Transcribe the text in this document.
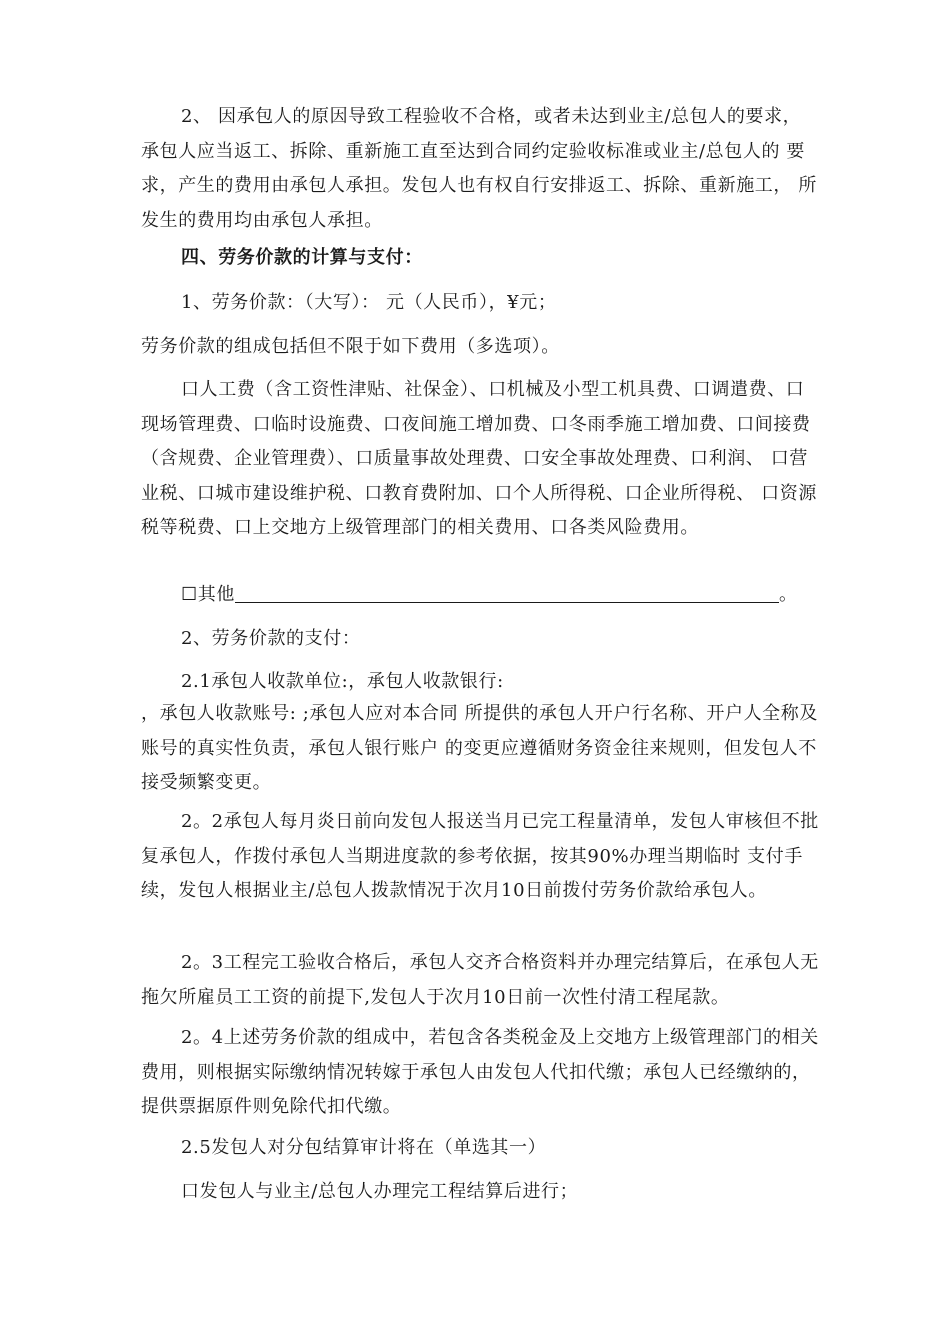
2、 因承包人的原因导致工程验收不合格，或者未达到业主/总包人的要求， 承包人应当返工、拆除、重新施工直至达到合同约定验收标准或业主/总包人的 要求，产生的费用由承包人承担。发包人也有权自行安排返工、拆除、重新施工， 所发生的费用均由承包人承担。

四、劳务价款的计算与支付：

1、劳务价款：（大写）： 元（人民币），¥元；

劳务价款的组成包括但不限于如下费用（多选项）。

口人工费（含工资性津贴、社保金）、口机械及小型工机具费、口调遣费、口现场管理费、口临时设施费、口夜间施工增加费、口冬雨季施工增加费、口间接费（含规费、企业管理费）、口质量事故处理费、口安全事故处理费、口利润、 口营业税、口城市建设维护税、口教育费附加、口个人所得税、口企业所得税、 口资源税等税费、口上交地方上级管理部门的相关费用、口各类风险费用。

☐其他	。

2、劳务价款的支付：

2.1承包人收款单位:，承包人收款银行:

，承包人收款账号: ;承包人应对本合同 所提供的承包人开户行名称、开户人全称及账号的真实性负责，承包人银行账户 的变更应遵循财务资金往来规则，但发包人不接受频繁变更。

2。2承包人每月炎日前向发包人报送当月已完工程量清单，发包人审核但不批复承包人，作拨付承包人当期进度款的参考依据，按其90%办理当期临时 支付手续，发包人根据业主/总包人拨款情况于次月10日前拨付劳务价款给承包人。

2。3工程完工验收合格后，承包人交齐合格资料并办理完结算后，在承包人无拖欠所雇员工工资的前提下,发包人于次月10日前一次性付清工程尾款。

2。4上述劳务价款的组成中，若包含各类税金及上交地方上级管理部门的相关费用，则根据实际缴纳情况转嫁于承包人由发包人代扣代缴；承包人已经缴纳的，提供票据原件则免除代扣代缴。

2.5发包人对分包结算审计将在（单选其一）

口发包人与业主/总包人办理完工程结算后进行；
